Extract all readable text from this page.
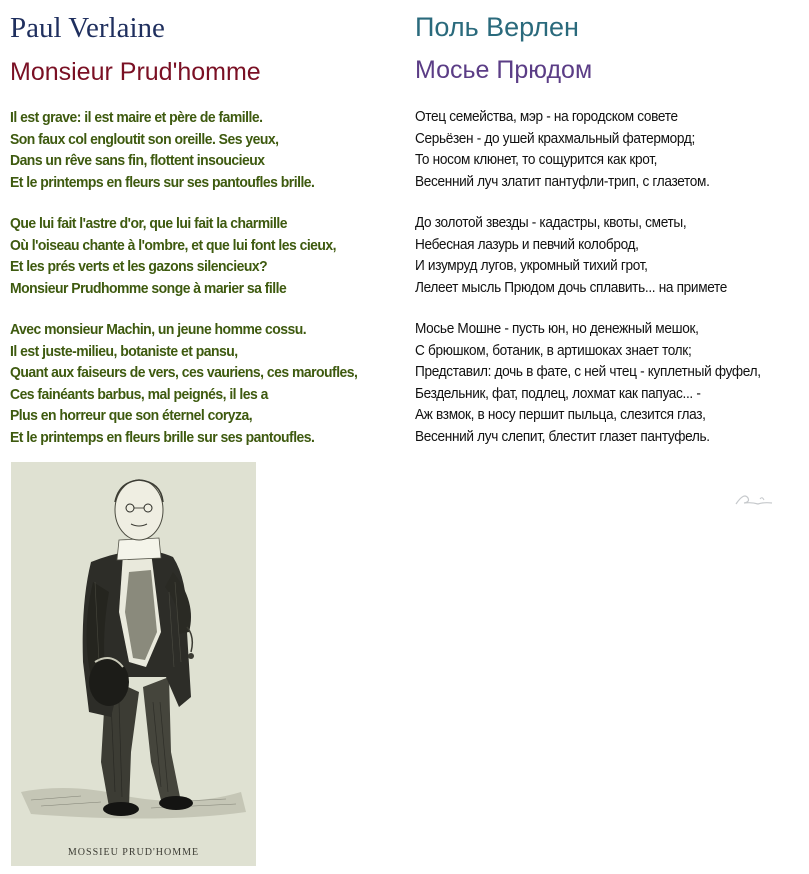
Paul Verlaine
Monsieur Prud'homme
Il est grave: il est maire et père de famille.
Son faux col engloutit son oreille. Ses yeux,
Dans un rêve sans fin, flottent insoucieux
Et le printemps en fleurs sur ses pantoufles brille.
Que lui fait l'astre d'or, que lui fait la charmille
Où l'oiseau chante à l'ombre, et que lui font les cieux,
Et les prés verts et les gazons silencieux?
Monsieur Prudhomme songe à marier sa fille
Avec monsieur Machin, un jeune homme cossu.
Il est juste-milieu, botaniste et pansu,
Quant aux faiseurs de vers, ces vauriens, ces maroufles,
Ces fainéants barbus, mal peignés, il les a
Plus en horreur que son éternel coryza,
Et le printemps en fleurs brille sur ses pantoufles.
Поль Верлен
Мосье Прюдом
Отец семейства, мэр - на городском совете
Серьёзен - до ушей крахмальный фатерморд;
То носом клюнет, то сощурится как крот,
Весенний луч златит пантуфли-трип, с глазетом.
До золотой звезды - кадастры, квоты, сметы,
Небесная лазурь и певчий колоброд,
И изумруд лугов, укромный тихий грот,
Лелеет мысль Прюдом дочь сплавить... на примете
Мосье Мошне - пусть юн, но денежный мешок,
С брюшком, ботаник, в артишоках знает толк;
Представил: дочь в фате, с ней чтец - куплетный фуфел,
Бездельник, фат, подлец, лохмат как папуас... -
Аж взмок, в носу першит пыльца, слезится глаз,
Весенний луч слепит, блестит глазет пантуфель.
MOSSIEU PRUD'HOMME
